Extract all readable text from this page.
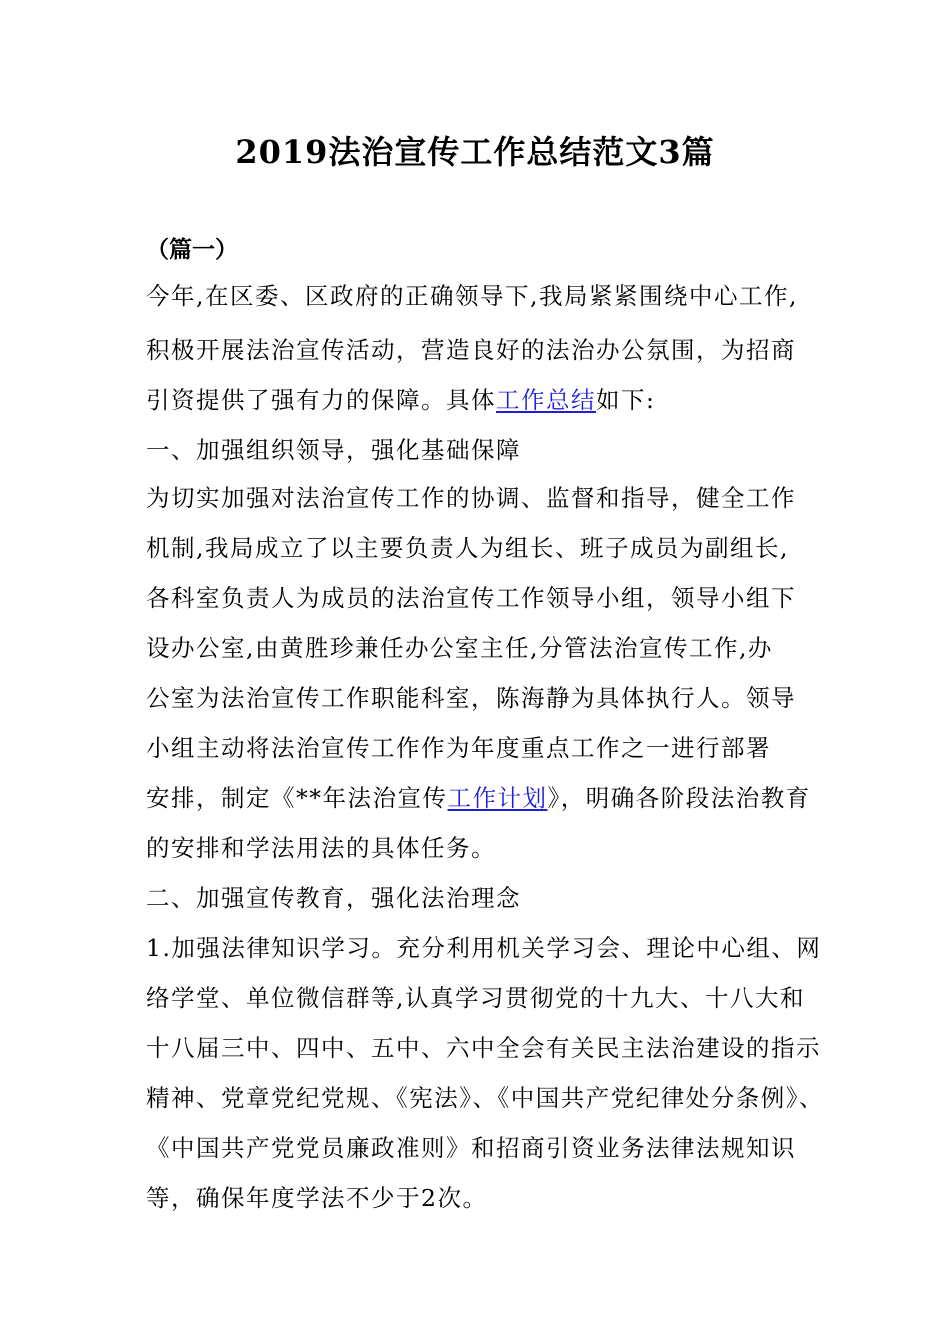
2019法治宣传工作总结范文3篇
（篇一）
今年,在区委、区政府的正确领导下,我局紧紧围绕中心工作,
积极开展法治宣传活动，营造良好的法治办公氛围，为招商
引资提供了强有力的保障。具体工作总结如下:
一、加强组织领导，强化基础保障
为切实加强对法治宣传工作的协调、监督和指导，健全工作
机制,我局成立了以主要负责人为组长、班子成员为副组长,
各科室负责人为成员的法治宣传工作领导小组，领导小组下
设办公室,由黄胜珍兼任办公室主任,分管法治宣传工作,办
公室为法治宣传工作职能科室，陈海静为具体执行人。领导
小组主动将法治宣传工作作为年度重点工作之一进行部署
安排，制定《**年法治宣传工作计划》，明确各阶段法治教育
的安排和学法用法的具体任务。
二、加强宣传教育，强化法治理念
1.加强法律知识学习。充分利用机关学习会、理论中心组、网
络学堂、单位微信群等,认真学习贯彻党的十九大、十八大和
十八届三中、四中、五中、六中全会有关民主法治建设的指示
精神、党章党纪党规、《宪法》、《中国共产党纪律处分条例》、
《中国共产党党员廉政准则》和招商引资业务法律法规知识
等，确保年度学法不少于2次。
